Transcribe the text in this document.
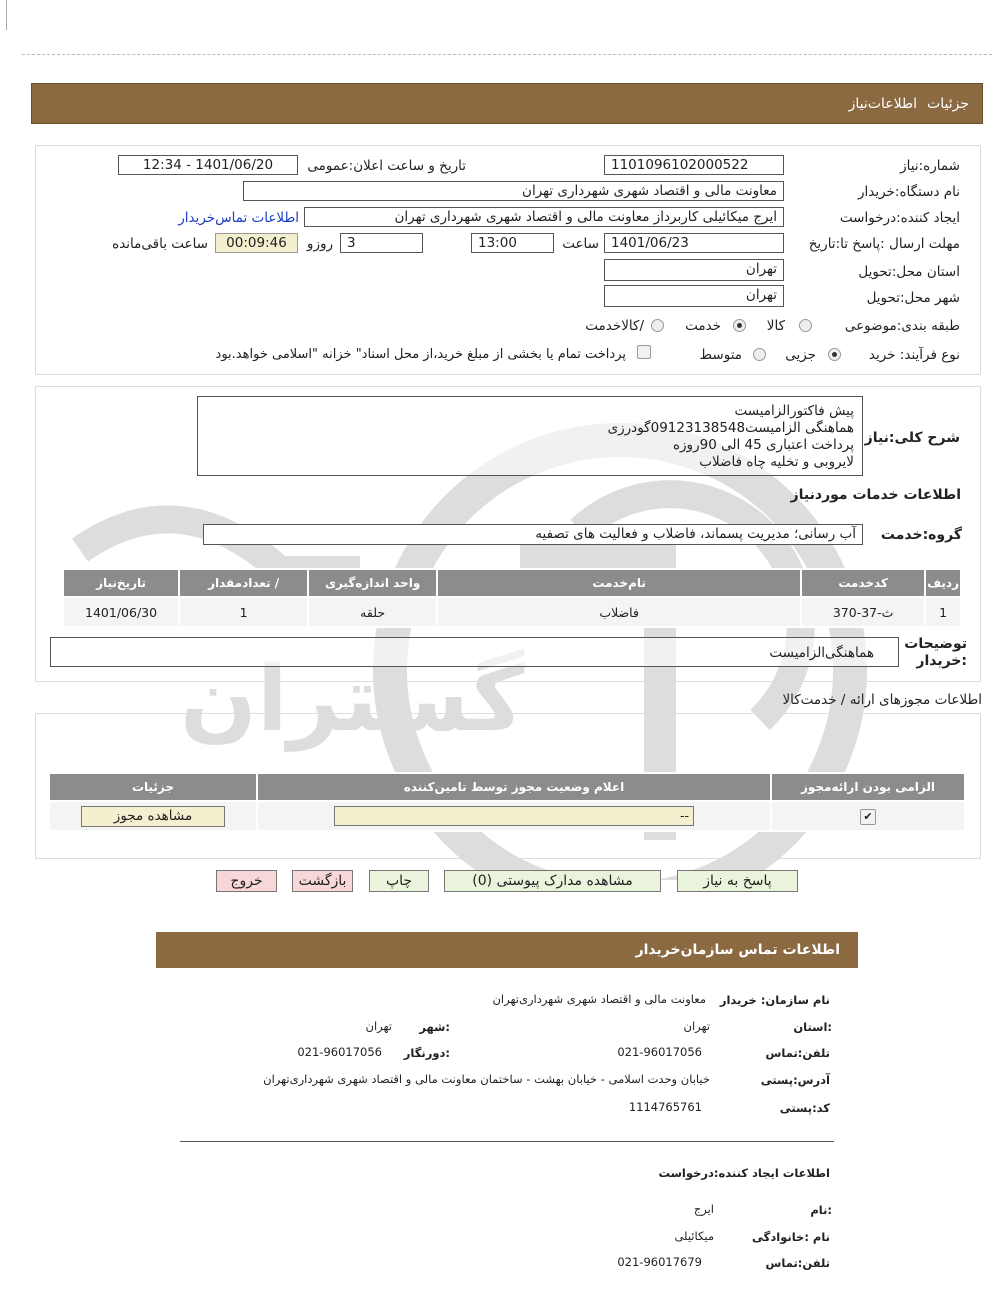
گستران
جزئیات
اطلاعات‌نیاز
شماره:نیاز
1101096102000522
تاریخ و ساعت اعلان:عمومی
1401/06/20 - 12:34
نام دستگاه:خریدار
معاونت مالی و اقتصاد شهری شهرداری تهران
ایجاد کننده:درخواست
ایرج میکائیلی کاربرداز معاونت مالی و اقتصاد شهری شهرداری تهران
اطلاعات تماس‌خریدار
مهلت ارسال :پاسخ تا:تاریخ
1401/06/23
ساعت
13:00
3
روزو
00:09:46
ساعت باقی‌مانده
استان محل:تحویل
تهران
شهر محل:تحویل
تهران
طبقه بندی:موضوعی
کالا
خدمت
/کالاخدمت
نوع فرآیند: خرید
جزیی
متوسط
پرداخت تمام یا بخشی از مبلغ خرید،از محل اسناد" خزانه "اسلامی خواهد.بود
شرح کلی:نیاز
پیش فاکتورالزامیست
هماهنگی الزامیست09123138548گودرزی
پرداخت اعتباری 45 الی 90روزه
لایروبی و تخلیه چاه فاضلاب
اطلاعات خدمات مورد‌نیاز
گروه:خدمت
آب رسانی؛ مدیریت پسماند، فاضلاب و فعالیت های تصفیه
ردیف	کدخدمت	نام‌خدمت	واحد اندازه‌گیری	/ تعدادمقدار	تاریخ‌نیاز
1	ث-37-370	فاضلاب	حلقه	1	1401/06/30
توضیحات :خریدار
هماهنگی‌الزامیست
اطلاعات مجوزهای ارائه / خدمت‌کالا
الزامی بودن ارائه‌مجوز	اعلام وضعیت مجوز توسط تامین‌کننده	جزئیات
✔	--	مشاهده مجوز
پاسخ به نیاز
مشاهده مدارک پیوستی (0)
چاپ
بازگشت
خروج
اطلاعات تماس سازمان‌خریدار
نام سازمان: خریدار
معاونت مالی و اقتصاد شهری شهرداری‌تهران
:استان
تهران
:شهر
تهران
تلفن:تماس
021-96017056
:دورنگار
021-96017056
آدرس:پستی
خیابان وحدت اسلامی - خیابان بهشت - ساختمان معاونت مالی و اقتصاد شهری شهرداری‌تهران
کد:پستی
1114765761
اطلاعات ایجاد کننده:درخواست
:نام
ایرج
نام :خانوادگی
میکائیلی
تلفن:تماس
021-96017679
